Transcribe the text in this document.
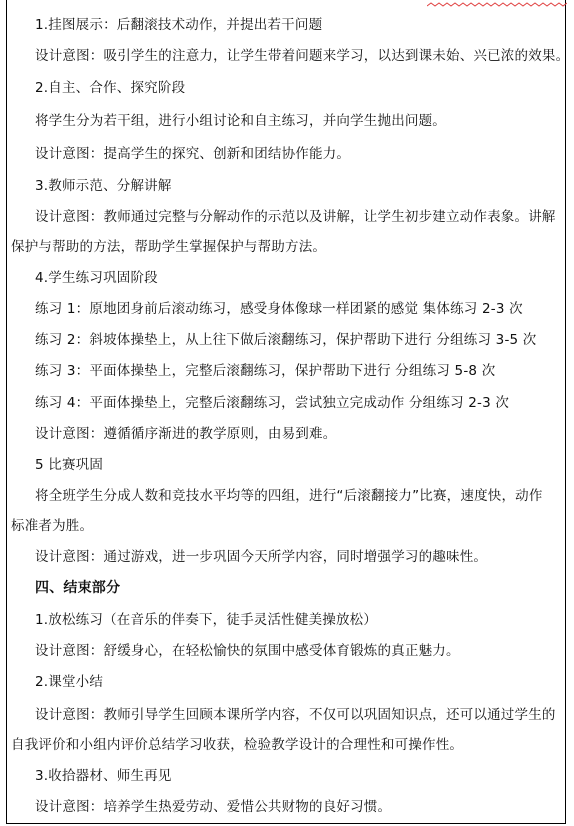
1.挂图展示：后翻滚技术动作，并提出若干问题
设计意图：吸引学生的注意力，让学生带着问题来学习，以达到课未始、兴已浓的效果。
2.自主、合作、探究阶段
将学生分为若干组，进行小组讨论和自主练习，并向学生抛出问题。
设计意图：提高学生的探究、创新和团结协作能力。
3.教师示范、分解讲解
设计意图：教师通过完整与分解动作的示范以及讲解，让学生初步建立动作表象。讲解
保护与帮助的方法，帮助学生掌握保护与帮助方法。
4.学生练习巩固阶段
练习 1：原地团身前后滚动练习，感受身体像球一样团紧的感觉 集体练习 2-3 次
练习 2：斜坡体操垫上，从上往下做后滚翻练习，保护帮助下进行 分组练习 3-5 次
练习 3：平面体操垫上，完整后滚翻练习，保护帮助下进行 分组练习 5-8 次
练习 4：平面体操垫上，完整后滚翻练习，尝试独立完成动作 分组练习 2-3 次
设计意图：遵循循序渐进的教学原则，由易到难。
5 比赛巩固
将全班学生分成人数和竞技水平均等的四组，进行“后滚翻接力”比赛，速度快，动作
标准者为胜。
设计意图：通过游戏，进一步巩固今天所学内容，同时增强学习的趣味性。
四、结束部分
1.放松练习（在音乐的伴奏下，徒手灵活性健美操放松）
设计意图：舒缓身心，在轻松愉快的氛围中感受体育锻炼的真正魅力。
2.课堂小结
设计意图：教师引导学生回顾本课所学内容，不仅可以巩固知识点，还可以通过学生的
自我评价和小组内评价总结学习收获，检验教学设计的合理性和可操作性。
3.收拾器材、师生再见
设计意图：培养学生热爱劳动、爱惜公共财物的良好习惯。
